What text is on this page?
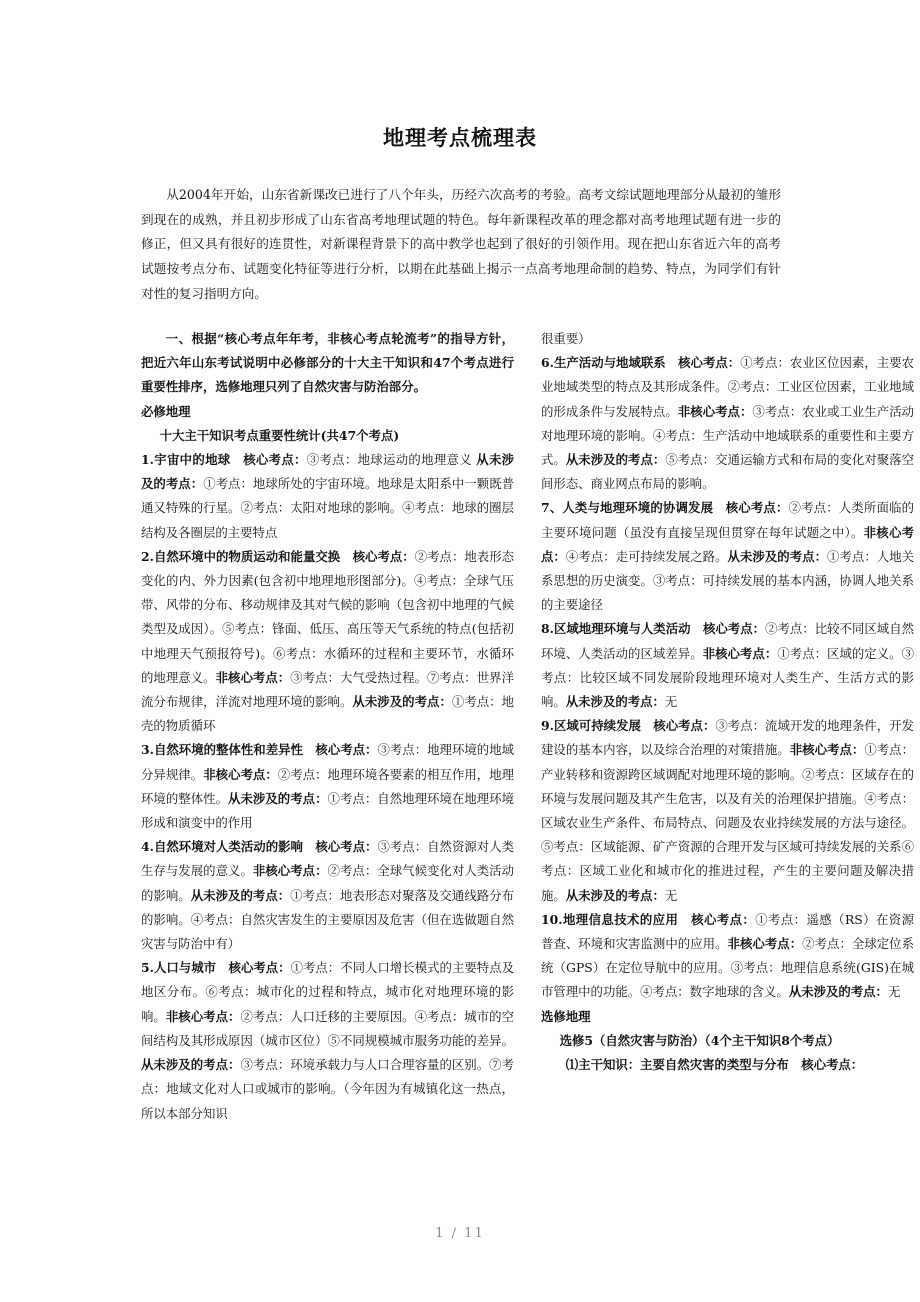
地理考点梳理表

从2004年开始，山东省新课改已进行了八个年头，历经六次高考的考验。高考文综试题地理部分从最初的雏形到现在的成熟，并且初步形成了山东省高考地理试题的特色。每年新课程改革的理念都对高考地理试题有进一步的修正，但又具有很好的连贯性，对新课程背景下的高中教学也起到了很好的引领作用。现在把山东省近六年的高考试题按考点分布、试题变化特征等进行分析，以期在此基础上揭示一点高考地理命制的趋势、特点，为同学们有针对性的复习指明方向。

一、根据“核心考点年年考，非核心考点轮流考”的指导方针，把近六年山东考试说明中必修部分的十大主干知识和47个考点进行重要性排序，选修地理只列了自然灾害与防治部分。

必修地理

十大主干知识考点重要性统计(共47个考点)

1.宇宙中的地球　 核心考点：③考点：地球运动的地理意义 从未涉及的考点：①考点：地球所处的宇宙环境。地球是太阳系中一颗既普通又特殊的行星。②考点：太阳对地球的影响。④考点：地球的圈层结构及各圈层的主要特点

2.自然环境中的物质运动和能量交换　 核心考点：②考点：地表形态变化的内、外力因素(包含初中地理地形图部分)。④考点：全球气压带、风带的分布、移动规律及其对气候的影响（包含初中地理的气候类型及成因）。⑤考点：锋面、低压、高压等天气系统的特点(包括初中地理天气预报符号)。⑥考点：水循环的过程和主要环节，水循环的地理意义。非核心考点：③考点：大气受热过程。⑦考点：世界洋流分布规律，洋流对地理环境的影响。从未涉及的考点：①考点：地壳的物质循环

3.自然环境的整体性和差异性　 核心考点：③考点：地理环境的地域分异规律。非核心考点：②考点：地理环境各要素的相互作用，地理环境的整体性。从未涉及的考点：①考点：自然地理环境在地理环境形成和演变中的作用

4.自然环境对人类活动的影响　 核心考点：③考点：自然资源对人类生存与发展的意义。非核心考点：②考点：全球气候变化对人类活动的影响。从未涉及的考点：①考点：地表形态对聚落及交通线路分布的影响。④考点：自然灾害发生的主要原因及危害（但在选做题自然灾害与防治中有）

5.人口与城市　 核心考点：①考点：不同人口增长模式的主要特点及地区分布。⑥考点：城市化的过程和特点，城市化对地理环境的影响。非核心考点：②考点：人口迁移的主要原因。④考点：城市的空间结构及其形成原因（城市区位）⑤不同规模城市服务功能的差异。从未涉及的考点：③考点：环境承载力与人口合理容量的区别。⑦考点：地域文化对人口或城市的影响。（今年因为有城镇化这一热点，所以本部分知识

很重要）

6.生产活动与地域联系　 核心考点：①考点：农业区位因素，主要农业地域类型的特点及其形成条件。②考点：工业区位因素，工业地域的形成条件与发展特点。非核心考点：③考点：农业或工业生产活动对地理环境的影响。④考点：生产活动中地域联系的重要性和主要方式。从未涉及的考点：⑤考点：交通运输方式和布局的变化对聚落空间形态、商业网点布局的影响。

7、人类与地理环境的协调发展　 核心考点：②考点：人类所面临的主要环境问题（虽没有直接呈现但贯穿在每年试题之中）。非核心考点：④考点：走可持续发展之路。从未涉及的考点：①考点：人地关系思想的历史演变。③考点：可持续发展的基本内涵，协调人地关系的主要途径

8.区域地理环境与人类活动　 核心考点：②考点：比较不同区域自然环境、人类活动的区域差异。非核心考点：①考点：区域的定义。③考点：比较区域不同发展阶段地理环境对人类生产、生活方式的影响。从未涉及的考点：无

9.区域可持续发展　 核心考点：③考点：流域开发的地理条件，开发建设的基本内容，以及综合治理的对策措施。非核心考点：①考点：产业转移和资源跨区域调配对地理环境的影响。②考点：区域存在的环境与发展问题及其产生危害，以及有关的治理保护措施。④考点：区域农业生产条件、布局特点、问题及农业持续发展的方法与途径。⑤考点：区域能源、矿产资源的合理开发与区域可持续发展的关系⑥考点：区域工业化和城市化的推进过程，产生的主要问题及解决措施。从未涉及的考点：无

10.地理信息技术的应用　 核心考点：①考点：遥感（RS）在资源普查、环境和灾害监测中的应用。非核心考点：②考点：全球定位系统（GPS）在定位导航中的应用。③考点：地理信息系统(GIS)在城市管理中的功能。④考点：数字地球的含义。从未涉及的考点：无

选修地理

选修5（自然灾害与防治）（4个主干知识8个考点）

⑴主干知识：主要自然灾害的类型与分布　核心考点：

1 / 11
